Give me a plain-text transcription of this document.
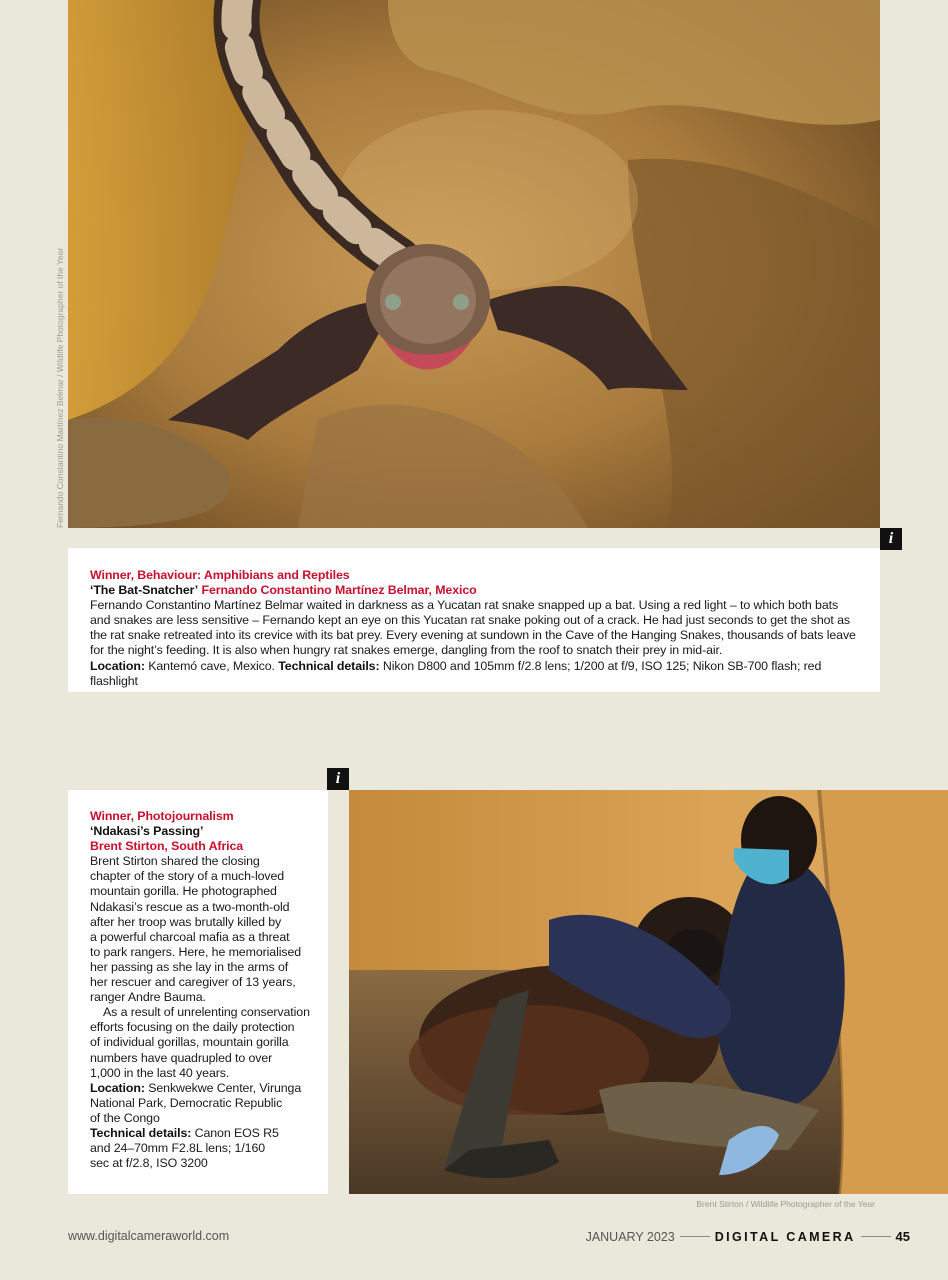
Fernando Constantino Martínez Belmar / Wildlife Photographer of the Year
i
Winner, Behaviour: Amphibians and Reptiles
‘The Bat-Snatcher’ Fernando Constantino Martínez Belmar, Mexico
Fernando Constantino Martínez Belmar waited in darkness as a Yucatan rat snake snapped up a bat. Using a red light – to which both bats and snakes are less sensitive – Fernando kept an eye on this Yucatan rat snake poking out of a crack. He had just seconds to get the shot as the rat snake retreated into its crevice with its bat prey. Every evening at sundown in the Cave of the Hanging Snakes, thousands of bats leave for the night’s feeding. It is also when hungry rat snakes emerge, dangling from the roof to snatch their prey in mid-air.
Location: Kantemó cave, Mexico. Technical details: Nikon D800 and 105mm f/2.8 lens; 1/200 at f/9, ISO 125; Nikon SB-700 flash; red flashlight
i
Winner, Photojournalism
‘Ndakasi’s Passing’
Brent Stirton, South Africa
Brent Stirton shared the closing
chapter of the story of a much-loved
mountain gorilla. He photographed
Ndakasi’s rescue as a two-month-old
after her troop was brutally killed by
a powerful charcoal mafia as a threat
to park rangers. Here, he memorialised
her passing as she lay in the arms of
her rescuer and caregiver of 13 years,
ranger Andre Bauma.
As a result of unrelenting conservation
efforts focusing on the daily protection
of individual gorillas, mountain gorilla
numbers have quadrupled to over
1,000 in the last 40 years.
Location: Senkwekwe Center, Virunga
National Park, Democratic Republic
of the Congo
Technical details: Canon EOS R5
and 24–70mm F2.8L lens; 1/160
sec at f/2.8, ISO 3200
Brent Stirton / Wildlife Photographer of the Year
www.digitalcameraworld.com	JANUARY 2023	DIGITAL CAMERA	45
